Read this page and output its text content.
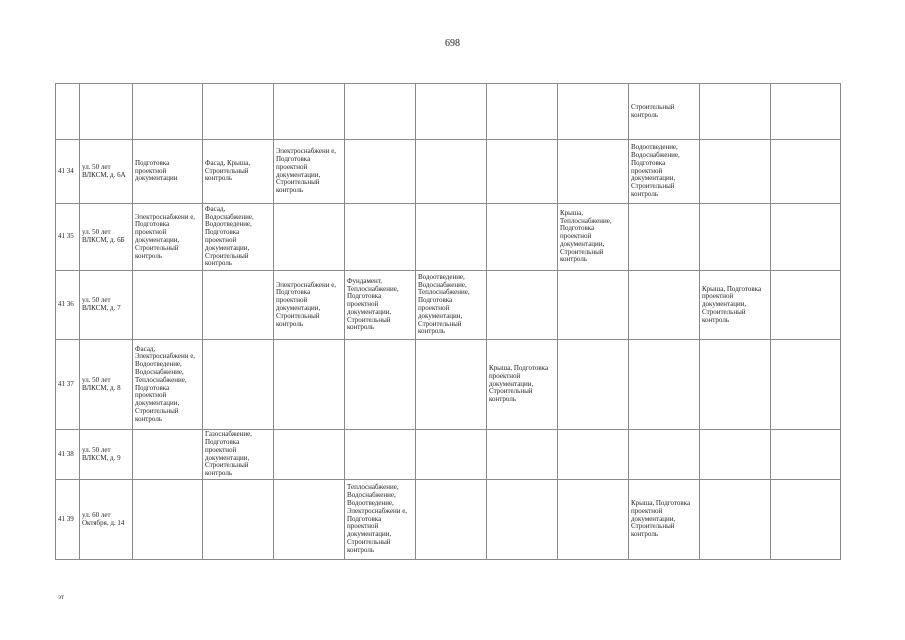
698
									Строительный контроль		
41 34	ул. 50 лет ВЛКСМ, д. 6А	Подготовка проектной документации	Фасад, Крыша, Строительный контроль	Электроснабжени е, Подготовка проектной документации, Строительный контроль					Водоотведение, Водоснабжение, Подготовка проектной документации, Строительный контроль		
41 35	ул. 50 лет ВЛКСМ, д. 6Б	Электроснабжени е, Подготовка проектной документации, Строительный контроль	Фасад, Водоснабжение, Водоотведение, Подготовка проектной документации, Строительный контроль					Крыша, Теплоснабжение, Подготовка проектной документации, Строительный контроль			
41 36	ул. 50 лет ВЛКСМ, д. 7			Электроснабжени е, Подготовка проектной документации, Строительный контроль	Фундамент, Теплоснабжение, Подготовка проектной документации, Строительный контроль	Водоотведение, Водоснабжение, Теплоснабжение, Подготовка проектной документации, Строительный контроль				Крыша, Подготовка проектной документации, Строительный контроль	
41 37	ул. 50 лет ВЛКСМ, д. 8	Фасад, Электроснабжени е, Водоотведение, Водоснабжение, Теплоснабжение, Подготовка проектной документации, Строительный контроль					Крыша, Подготовка проектной документации, Строительный контроль				
41 38	ул. 50 лет ВЛКСМ, д. 9		Газоснабжение, Подготовка проектной документации, Строительный контроль								
41 39	ул. 60 лет Октября, д. 14				Теплоснабжение, Водоснабжение, Водоотведение, Электроснабжени е, Подготовка проектной документации, Строительный контроль				Крыша, Подготовка проектной документации, Строительный контроль		
эт
